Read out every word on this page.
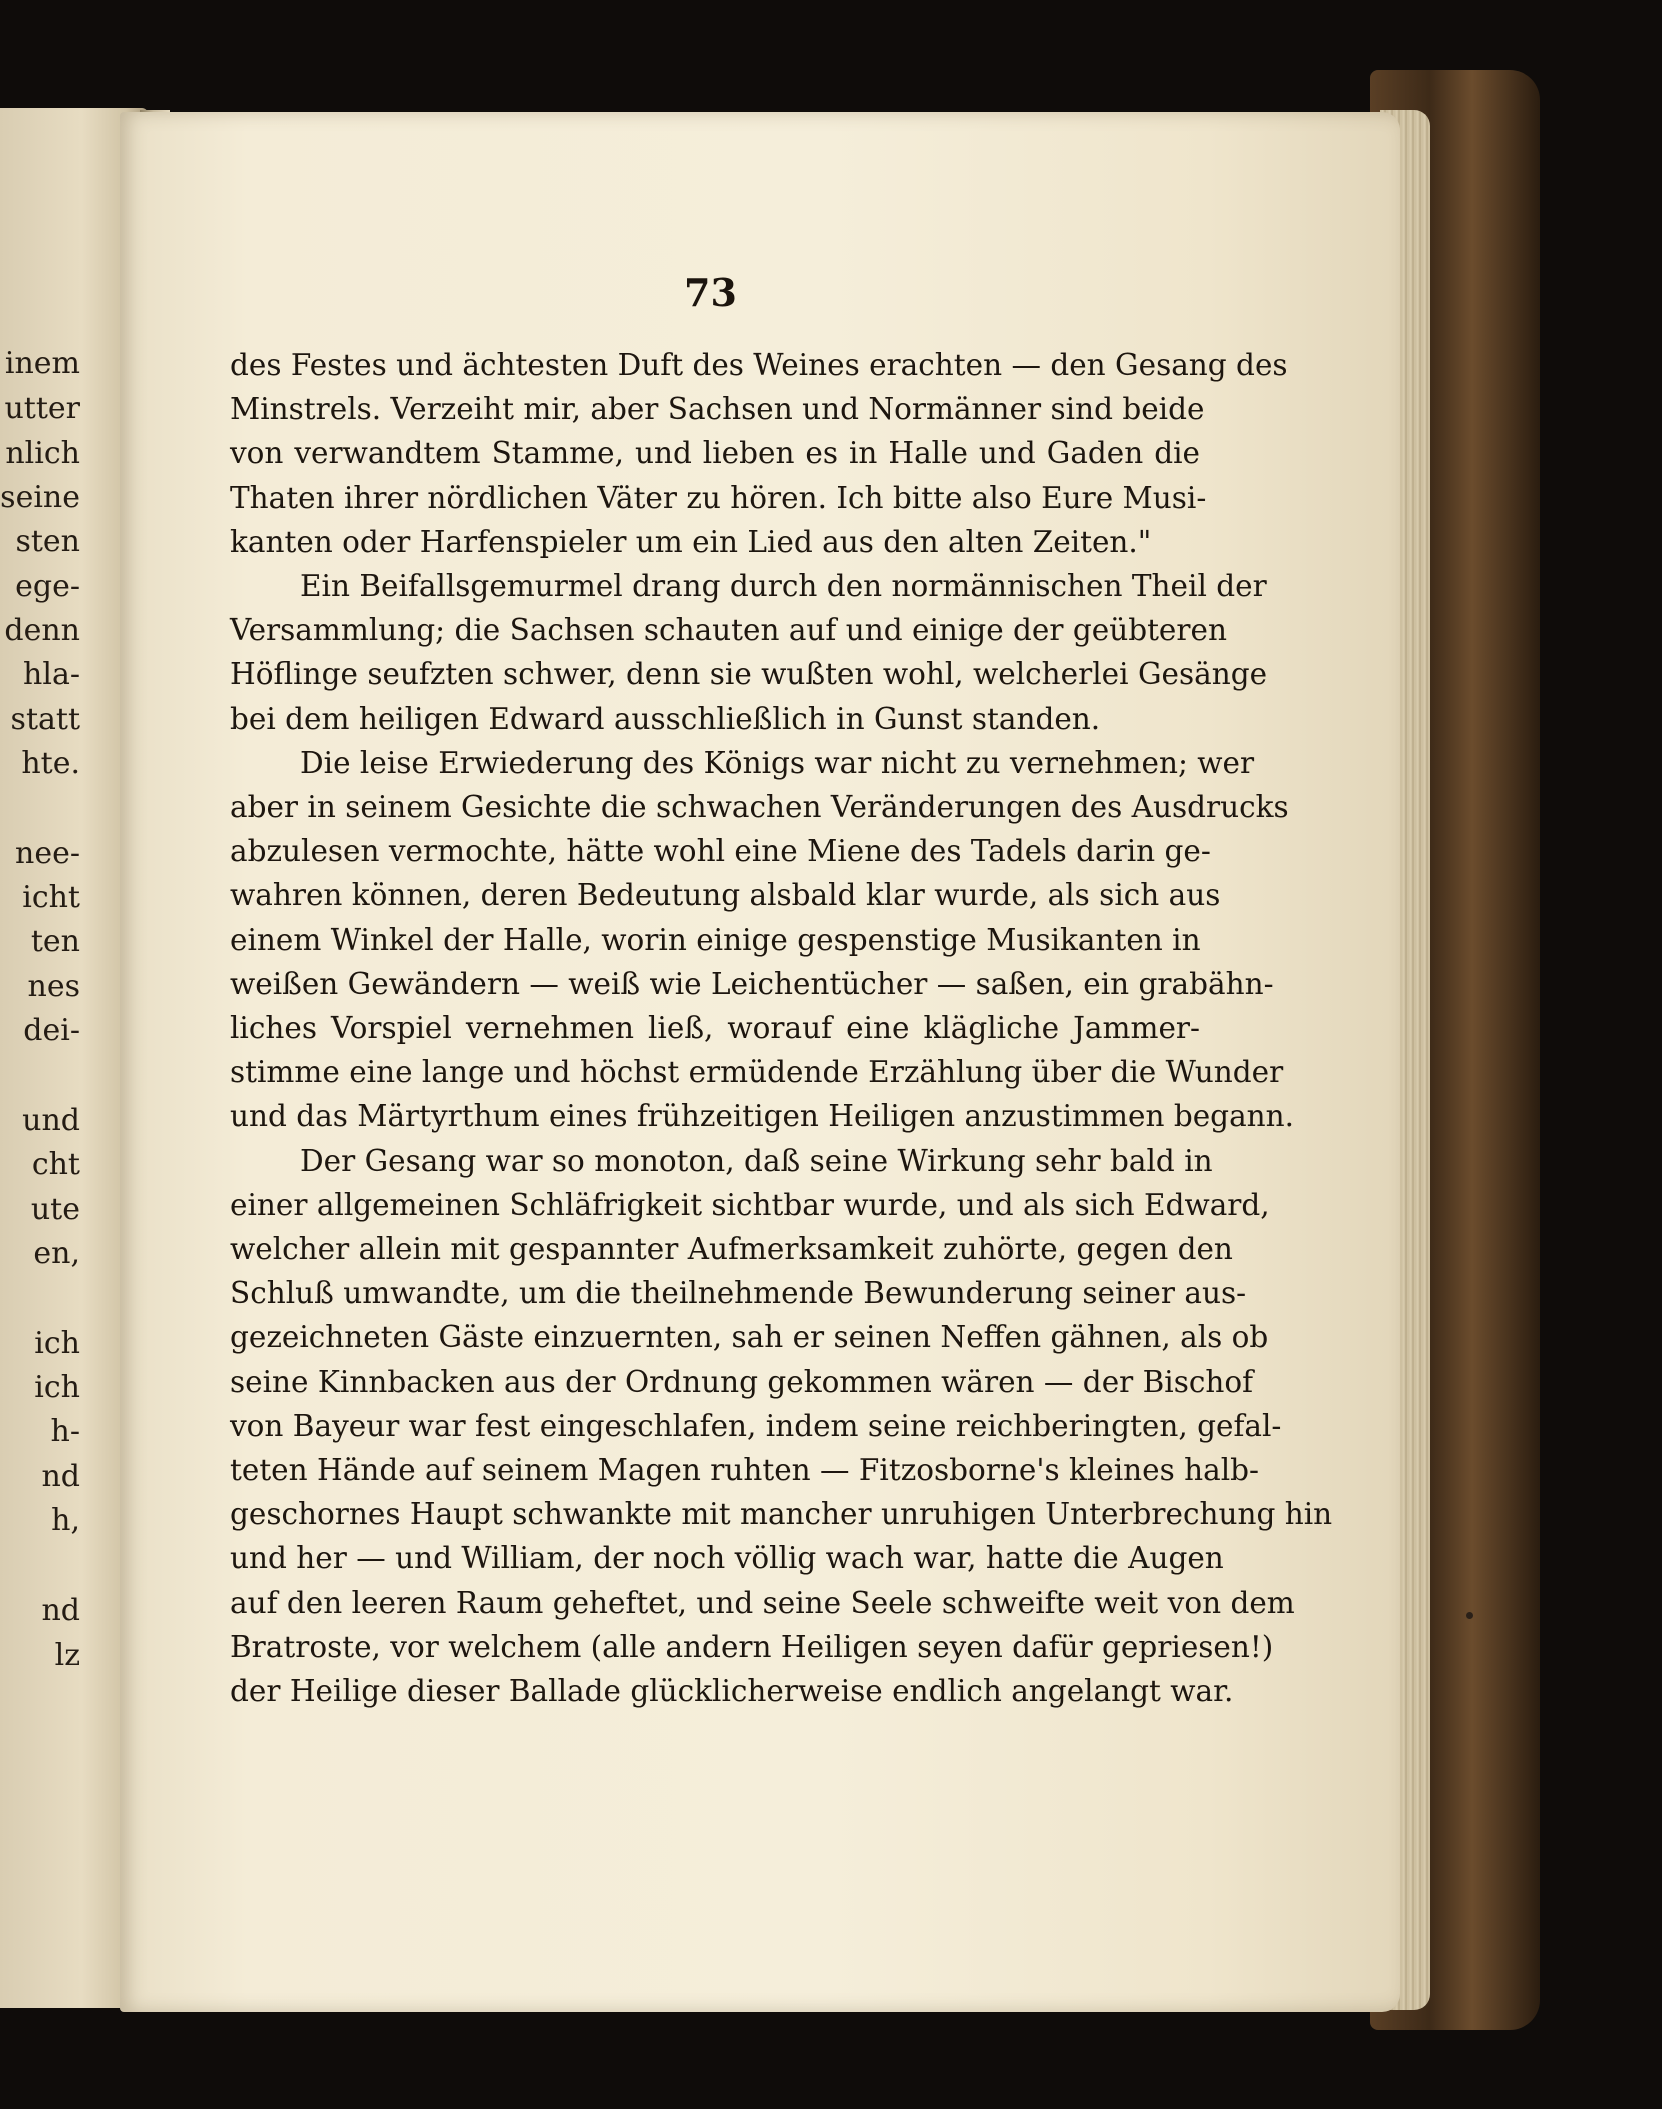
inem
utter
nlich
seine
sten
ege-
denn
hla-
statt
hte.
nee-
icht
ten
nes
dei-
und
cht
ute
en,
ich
ich
h-
nd
h,
nd
lz
73
des Festes und ächtesten Duft des Weines erachten — den Gesang des
Minstrels. Verzeiht mir, aber Sachsen und Normänner sind beide
von verwandtem Stamme, und lieben es in Halle und Gaden die
Thaten ihrer nördlichen Väter zu hören. Ich bitte also Eure Musi-
kanten oder Harfenspieler um ein Lied aus den alten Zeiten."
Ein Beifallsgemurmel drang durch den normännischen Theil der
Versammlung; die Sachsen schauten auf und einige der geübteren
Höflinge seufzten schwer, denn sie wußten wohl, welcherlei Gesänge
bei dem heiligen Edward ausschließlich in Gunst standen.
Die leise Erwiederung des Königs war nicht zu vernehmen; wer
aber in seinem Gesichte die schwachen Veränderungen des Ausdrucks
abzulesen vermochte, hätte wohl eine Miene des Tadels darin ge-
wahren können, deren Bedeutung alsbald klar wurde, als sich aus
einem Winkel der Halle, worin einige gespenstige Musikanten in
weißen Gewändern — weiß wie Leichentücher — saßen, ein grabähn-
liches Vorspiel vernehmen ließ, worauf eine klägliche Jammer-
stimme eine lange und höchst ermüdende Erzählung über die Wunder
und das Märtyrthum eines frühzeitigen Heiligen anzustimmen begann.
Der Gesang war so monoton, daß seine Wirkung sehr bald in
einer allgemeinen Schläfrigkeit sichtbar wurde, und als sich Edward,
welcher allein mit gespannter Aufmerksamkeit zuhörte, gegen den
Schluß umwandte, um die theilnehmende Bewunderung seiner aus-
gezeichneten Gäste einzuernten, sah er seinen Neffen gähnen, als ob
seine Kinnbacken aus der Ordnung gekommen wären — der Bischof
von Bayeur war fest eingeschlafen, indem seine reichberingten, gefal-
teten Hände auf seinem Magen ruhten — Fitzosborne's kleines halb-
geschornes Haupt schwankte mit mancher unruhigen Unterbrechung hin
und her — und William, der noch völlig wach war, hatte die Augen
auf den leeren Raum geheftet, und seine Seele schweifte weit von dem
Bratroste, vor welchem (alle andern Heiligen seyen dafür gepriesen!)
der Heilige dieser Ballade glücklicherweise endlich angelangt war.
